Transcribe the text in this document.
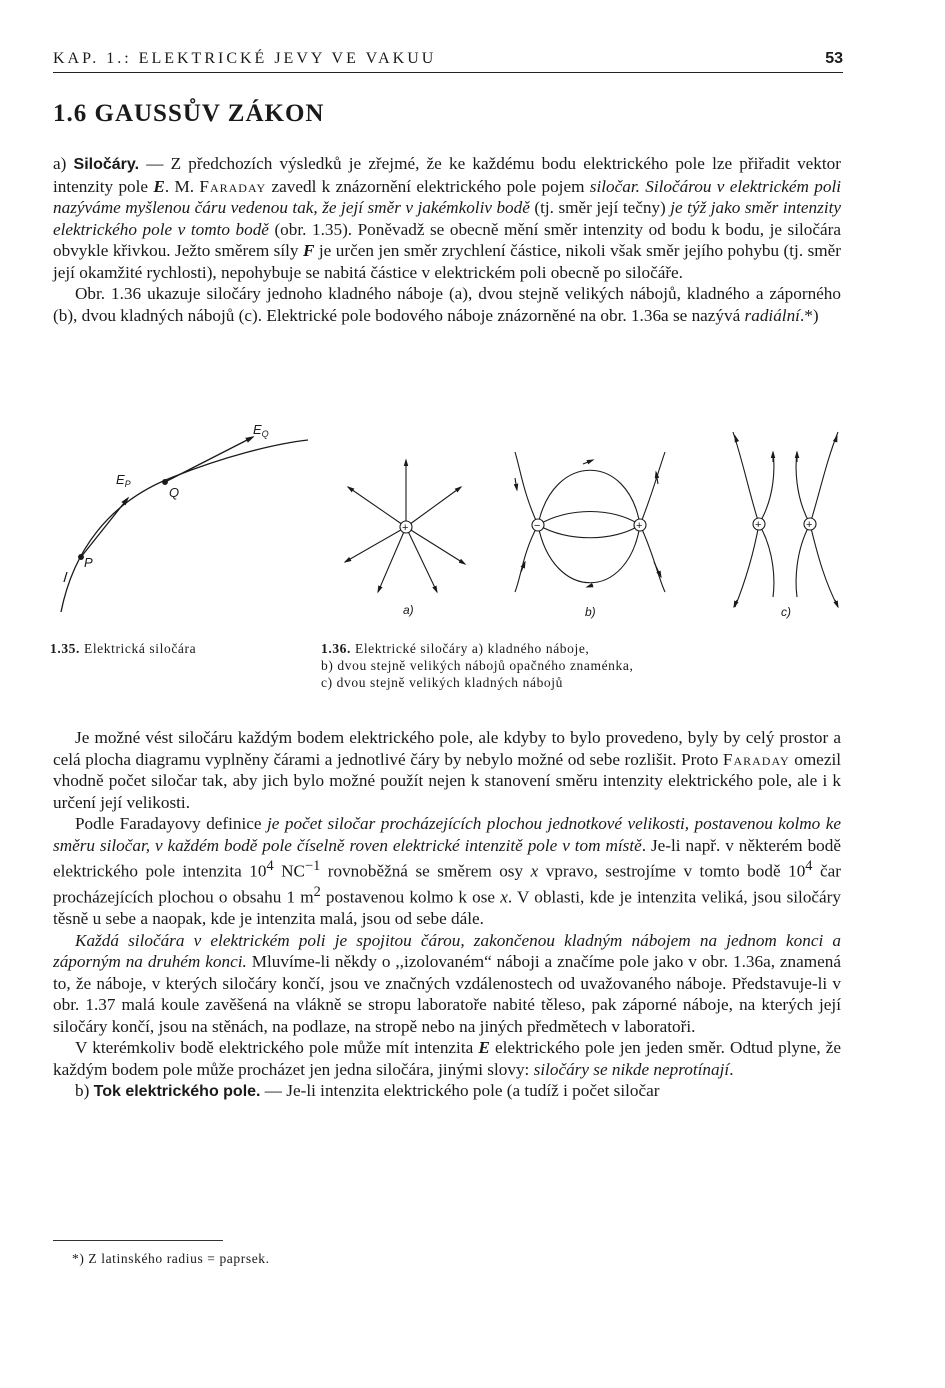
KAP. 1.: ELEKTRICKÉ JEVY VE VAKUU	53
1.6 GAUSSŮV ZÁKON

a) Siločáry. — Z předchozích výsledků je zřejmé, že ke každému bodu elektrického pole lze přiřadit vektor intenzity pole E. M. Faraday zavedl k znázornění elektrického pole pojem siločar. Siločárou v elektrickém poli nazýváme myšlenou čáru vedenou tak, že její směr v jakémkoliv bodě (tj. směr její tečny) je týž jako směr intenzity elektrického pole v tomto bodě (obr. 1.35). Poněvadž se obecně mění směr intenzity od bodu k bodu, je siločára obvykle křivkou. Ježto směrem síly F je určen jen směr zrychlení částice, nikoli však směr jejího pohybu (tj. směr její okamžité rychlosti), nepohybuje se nabitá částice v elektrickém poli obecně po siločáře.

Obr. 1.36 ukazuje siločáry jednoho kladného náboje (a), dvou stejně velikých nábojů, kladného a záporného (b), dvou kladných nábojů (c). Elektrické pole bodového náboje znázorněné na obr. 1.36a se nazývá radiální.*)

$E_Q$
$E_P$
Q
P
+
a)
−	+
b)
+	+
c)
1.35. Elektrická siločára	1.36. Elektrické siločáry a) kladného náboje,
b) dvou stejně velikých nábojů opačného znaménka,
c) dvou stejně velikých kladných nábojů

Je možné vést siločáru každým bodem elektrického pole, ale kdyby to bylo provedeno, byly by celý prostor a celá plocha diagramu vyplněny čárami a jednotlivé čáry by nebylo možné od sebe rozlišit. Proto Faraday omezil vhodně počet siločar tak, aby jich bylo možné použít nejen k stanovení směru intenzity elektrického pole, ale i k určení její velikosti.

Podle Faradayovy definice je počet siločar procházejících plochou jednotkové velikosti, postavenou kolmo ke směru siločar, v každém bodě pole číselně roven elektrické intenzitě pole v tom místě. Je-li např. v některém bodě elektrického pole intenzita $10^4$ $NC^{-1}$ rovnoběžná se směrem osy x vpravo, sestrojíme v tomto bodě $10^4$ čar procházejících plochou o obsahu 1 $m^2$ postavenou kolmo k ose x. V oblasti, kde je intenzita veliká, jsou siločáry těsně u sebe a naopak, kde je intenzita malá, jsou od sebe dále.

Každá siločára v elektrickém poli je spojitou čárou, zakončenou kladným nábojem na jednom konci a záporným na druhém konci. Mluvíme-li někdy o ,,izolovaném“ náboji a značíme pole jako v obr. 1.36a, znamená to, že náboje, v kterých siločáry končí, jsou ve značných vzdálenostech od uvažovaného náboje. Představuje-li v obr. 1.37 malá koule zavěšená na vlákně se stropu laboratoře nabité těleso, pak záporné náboje, na kterých její siločáry končí, jsou na stěnách, na podlaze, na stropě nebo na jiných předmětech v laboratoři.

V kterémkoliv bodě elektrického pole může mít intenzita E elektrického pole jen jeden směr. Odtud plyne, že každým bodem pole může procházet jen jedna siločára, jinými slovy: siločáry se nikde neprotínají.

b) Tok elektrického pole. — Je-li intenzita elektrického pole (a tudíž i počet siločar

*) Z latinského radius = paprsek.
